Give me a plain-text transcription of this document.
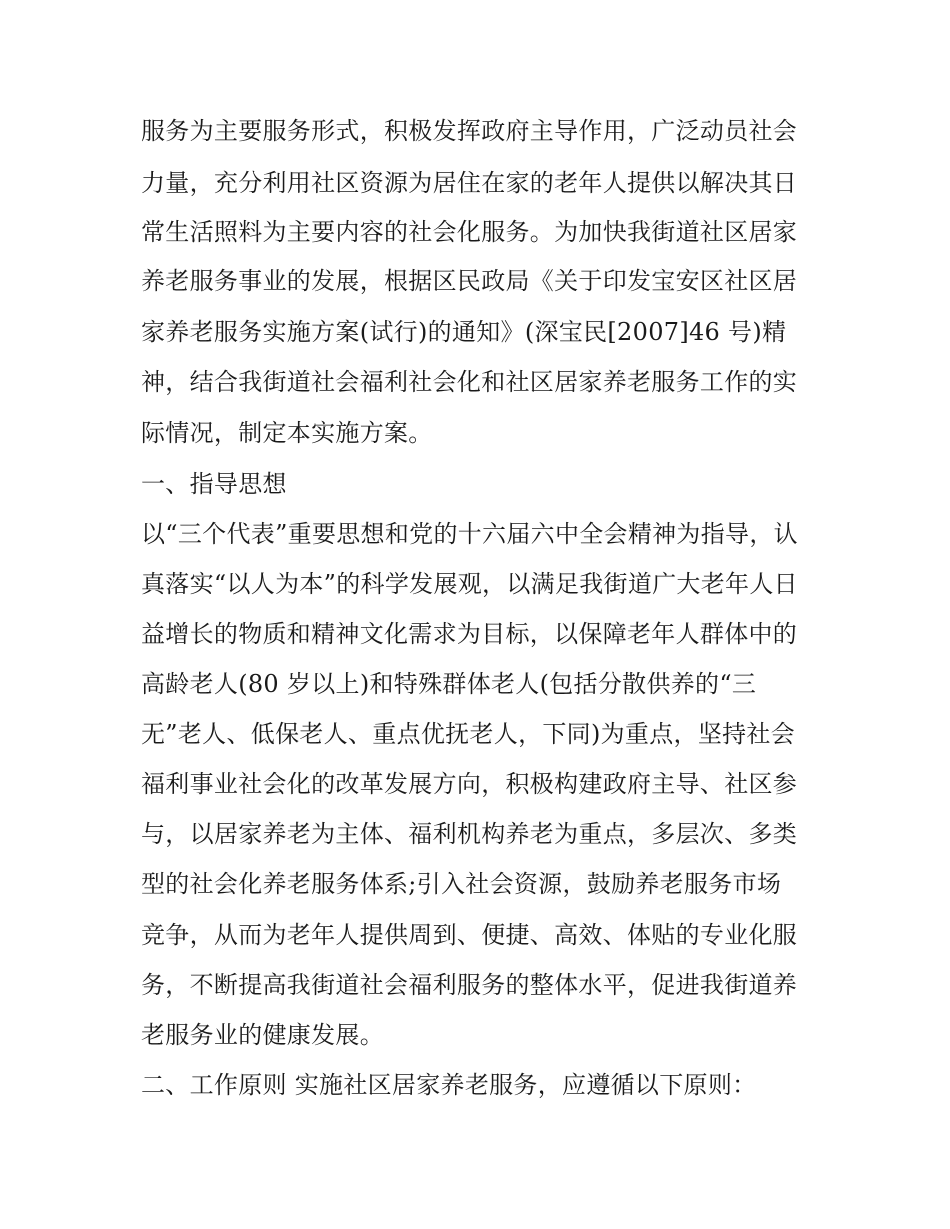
服务为主要服务形式，积极发挥政府主导作用，广泛动员社会
力量，充分利用社区资源为居住在家的老年人提供以解决其日
常生活照料为主要内容的社会化服务。为加快我街道社区居家
养老服务事业的发展，根据区民政局《关于印发宝安区社区居
家养老服务实施方案(试行)的通知》(深宝民[2007]46 号)精
神，结合我街道社会福利社会化和社区居家养老服务工作的实
际情况，制定本实施方案。
一、指导思想
以“三个代表”重要思想和党的十六届六中全会精神为指导，认
真落实“以人为本”的科学发展观，以满足我街道广大老年人日
益增长的物质和精神文化需求为目标，以保障老年人群体中的
高龄老人(80 岁以上)和特殊群体老人(包括分散供养的“三
无”老人、低保老人、重点优抚老人，下同)为重点，坚持社会
福利事业社会化的改革发展方向，积极构建政府主导、社区参
与，以居家养老为主体、福利机构养老为重点，多层次、多类
型的社会化养老服务体系;引入社会资源，鼓励养老服务市场
竞争，从而为老年人提供周到、便捷、高效、体贴的专业化服
务，不断提高我街道社会福利服务的整体水平，促进我街道养
老服务业的健康发展。
二、工作原则 实施社区居家养老服务，应遵循以下原则：
